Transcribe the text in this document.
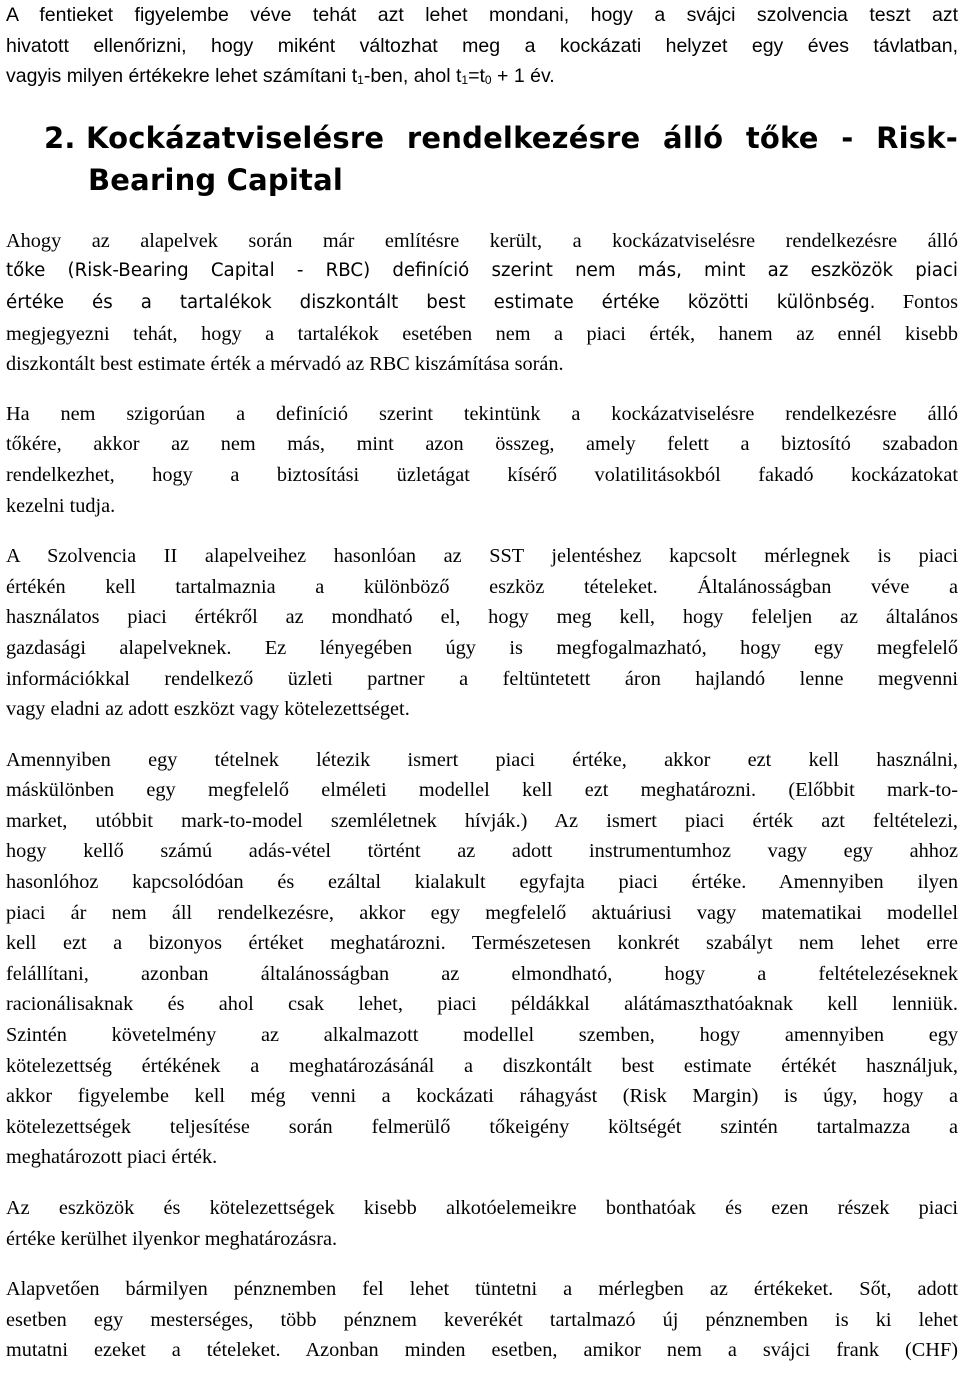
A fentieket figyelembe véve tehát azt lehet mondani, hogy a svájci szolvencia teszt azt
hivatott ellenőrizni, hogy miként változhat meg a kockázati helyzet egy éves távlatban,
vagyis milyen értékekre lehet számítani $t_1$-ben, ahol $t_1=t_0 + 1$ év.
2. Kockázatviselésre rendelkezésre álló tőke - Risk-
Bearing Capital
Ahogy az alapelvek során már említésre került, a kockázatviselésre rendelkezésre álló
tőke (Risk-Bearing Capital - RBC) definíció szerint nem más, mint az eszközök piaci
értéke és a tartalékok diszkontált best estimate értéke közötti különbség. Fontos
megjegyezni tehát, hogy a tartalékok esetében nem a piaci érték, hanem az ennél kisebb
diszkontált best estimate érték a mérvadó az RBC kiszámítása során.
Ha nem szigorúan a definíció szerint tekintünk a kockázatviselésre rendelkezésre álló
tőkére, akkor az nem más, mint azon összeg, amely felett a biztosító szabadon
rendelkezhet, hogy a biztosítási üzletágat kísérő volatilitásokból fakadó kockázatokat
kezelni tudja.
A Szolvencia II alapelveihez hasonlóan az SST jelentéshez kapcsolt mérlegnek is piaci
értékén kell tartalmaznia a különböző eszköz tételeket. Általánosságban véve a
használatos piaci értékről az mondható el, hogy meg kell, hogy feleljen az általános
gazdasági alapelveknek. Ez lényegében úgy is megfogalmazható, hogy egy megfelelő
információkkal rendelkező üzleti partner a feltüntetett áron hajlandó lenne megvenni
vagy eladni az adott eszközt vagy kötelezettséget.
Amennyiben egy tételnek létezik ismert piaci értéke, akkor ezt kell használni,
máskülönben egy megfelelő elméleti modellel kell ezt meghatározni. (Előbbit mark-to-
market, utóbbit mark-to-model szemléletnek hívják.) Az ismert piaci érték azt feltételezi,
hogy kellő számú adás-vétel történt az adott instrumentumhoz vagy egy ahhoz
hasonlóhoz kapcsolódóan és ezáltal kialakult egyfajta piaci értéke. Amennyiben ilyen
piaci ár nem áll rendelkezésre, akkor egy megfelelő aktuáriusi vagy matematikai modellel
kell ezt a bizonyos értéket meghatározni. Természetesen konkrét szabályt nem lehet erre
felállítani, azonban általánosságban az elmondható, hogy a feltételezéseknek
racionálisaknak és ahol csak lehet, piaci példákkal alátámaszthatóaknak kell lenniük.
Szintén követelmény az alkalmazott modellel szemben, hogy amennyiben egy
kötelezettség értékének a meghatározásánál a diszkontált best estimate értékét használjuk,
akkor figyelembe kell még venni a kockázati ráhagyást (Risk Margin) is úgy, hogy a
kötelezettségek teljesítése során felmerülő tőkeigény költségét szintén tartalmazza a
meghatározott piaci érték.
Az eszközök és kötelezettségek kisebb alkotóelemeikre bonthatóak és ezen részek piaci
értéke kerülhet ilyenkor meghatározásra.
Alapvetően bármilyen pénznemben fel lehet tüntetni a mérlegben az értékeket. Sőt, adott
esetben egy mesterséges, több pénznem keverékét tartalmazó új pénznemben is ki lehet
mutatni ezeket a tételeket. Azonban minden esetben, amikor nem a svájci frank (CHF)
